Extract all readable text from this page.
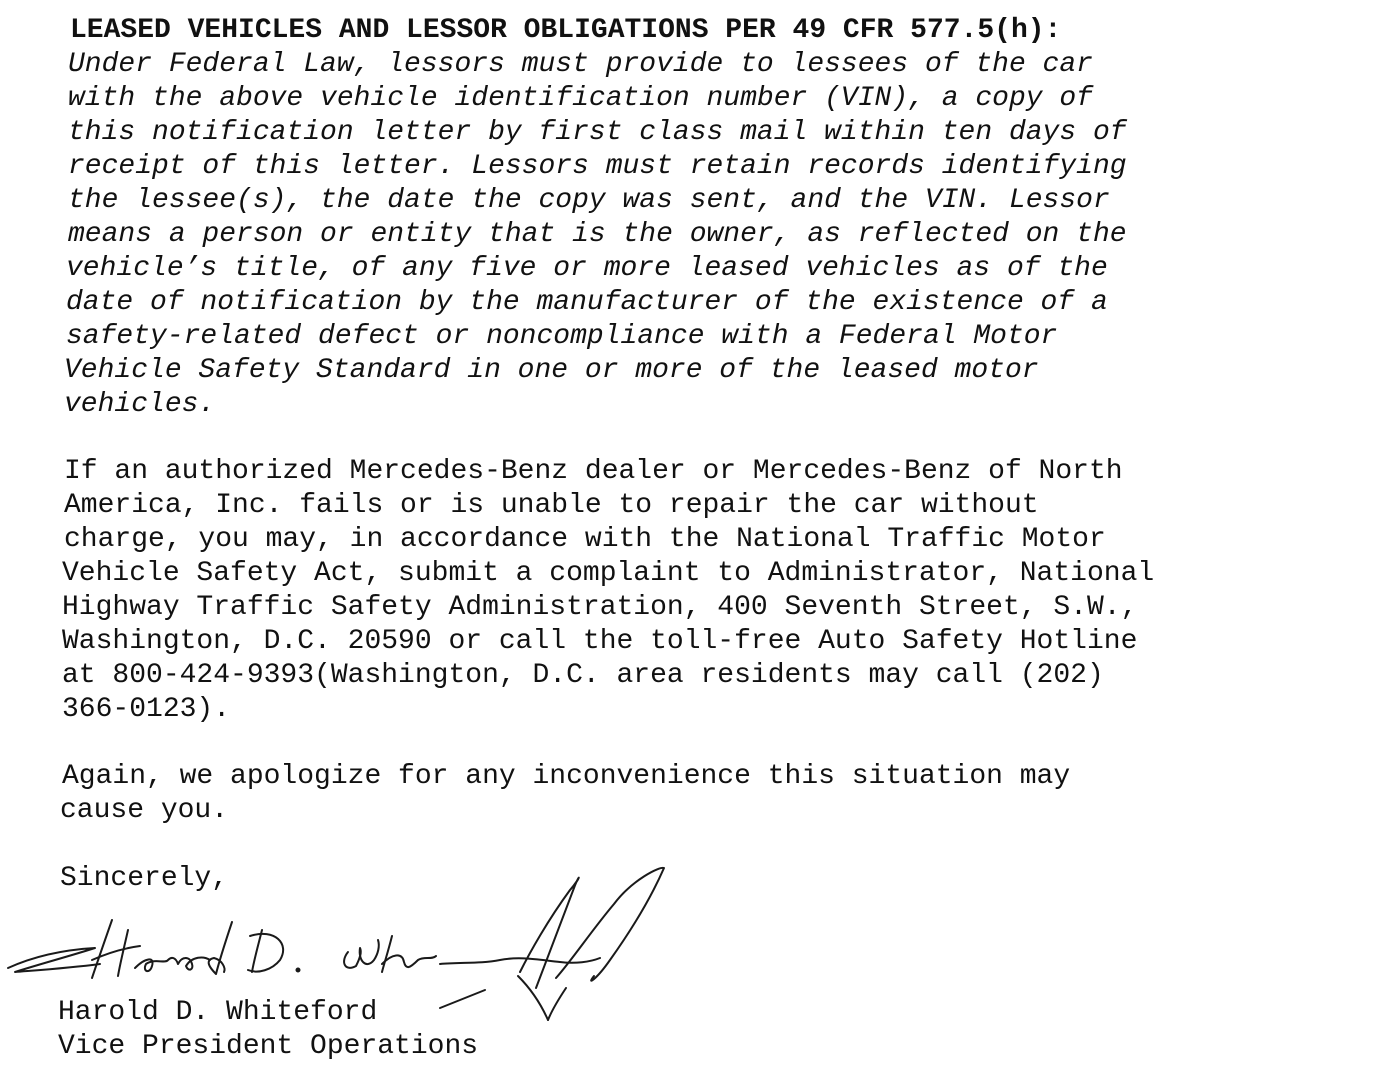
LEASED VEHICLES AND LESSOR OBLIGATIONS PER 49 CFR 577.5(h):
Under Federal Law, lessors must provide to lessees of the car
with the above vehicle identification number (VIN), a copy of
this notification letter by first class mail within ten days of
receipt of this letter. Lessors must retain records identifying
the lessee(s), the date the copy was sent, and the VIN. Lessor
means a person or entity that is the owner, as reflected on the
vehicle’s title, of any five or more leased vehicles as of the
date of notification by the manufacturer of the existence of a
safety-related defect or noncompliance with a Federal Motor
Vehicle Safety Standard in one or more of the leased motor
vehicles.
If an authorized Mercedes-Benz dealer or Mercedes-Benz of North
America, Inc. fails or is unable to repair the car without
charge, you may, in accordance with the National Traffic Motor
Vehicle Safety Act, submit a complaint to Administrator, National
Highway Traffic Safety Administration, 400 Seventh Street, S.W.,
Washington, D.C. 20590 or call the toll-free Auto Safety Hotline
at 800-424-9393(Washington, D.C. area residents may call (202)
366-0123).
Again, we apologize for any inconvenience this situation may
cause you.
Sincerely,
Harold D. Whiteford
Vice President Operations
